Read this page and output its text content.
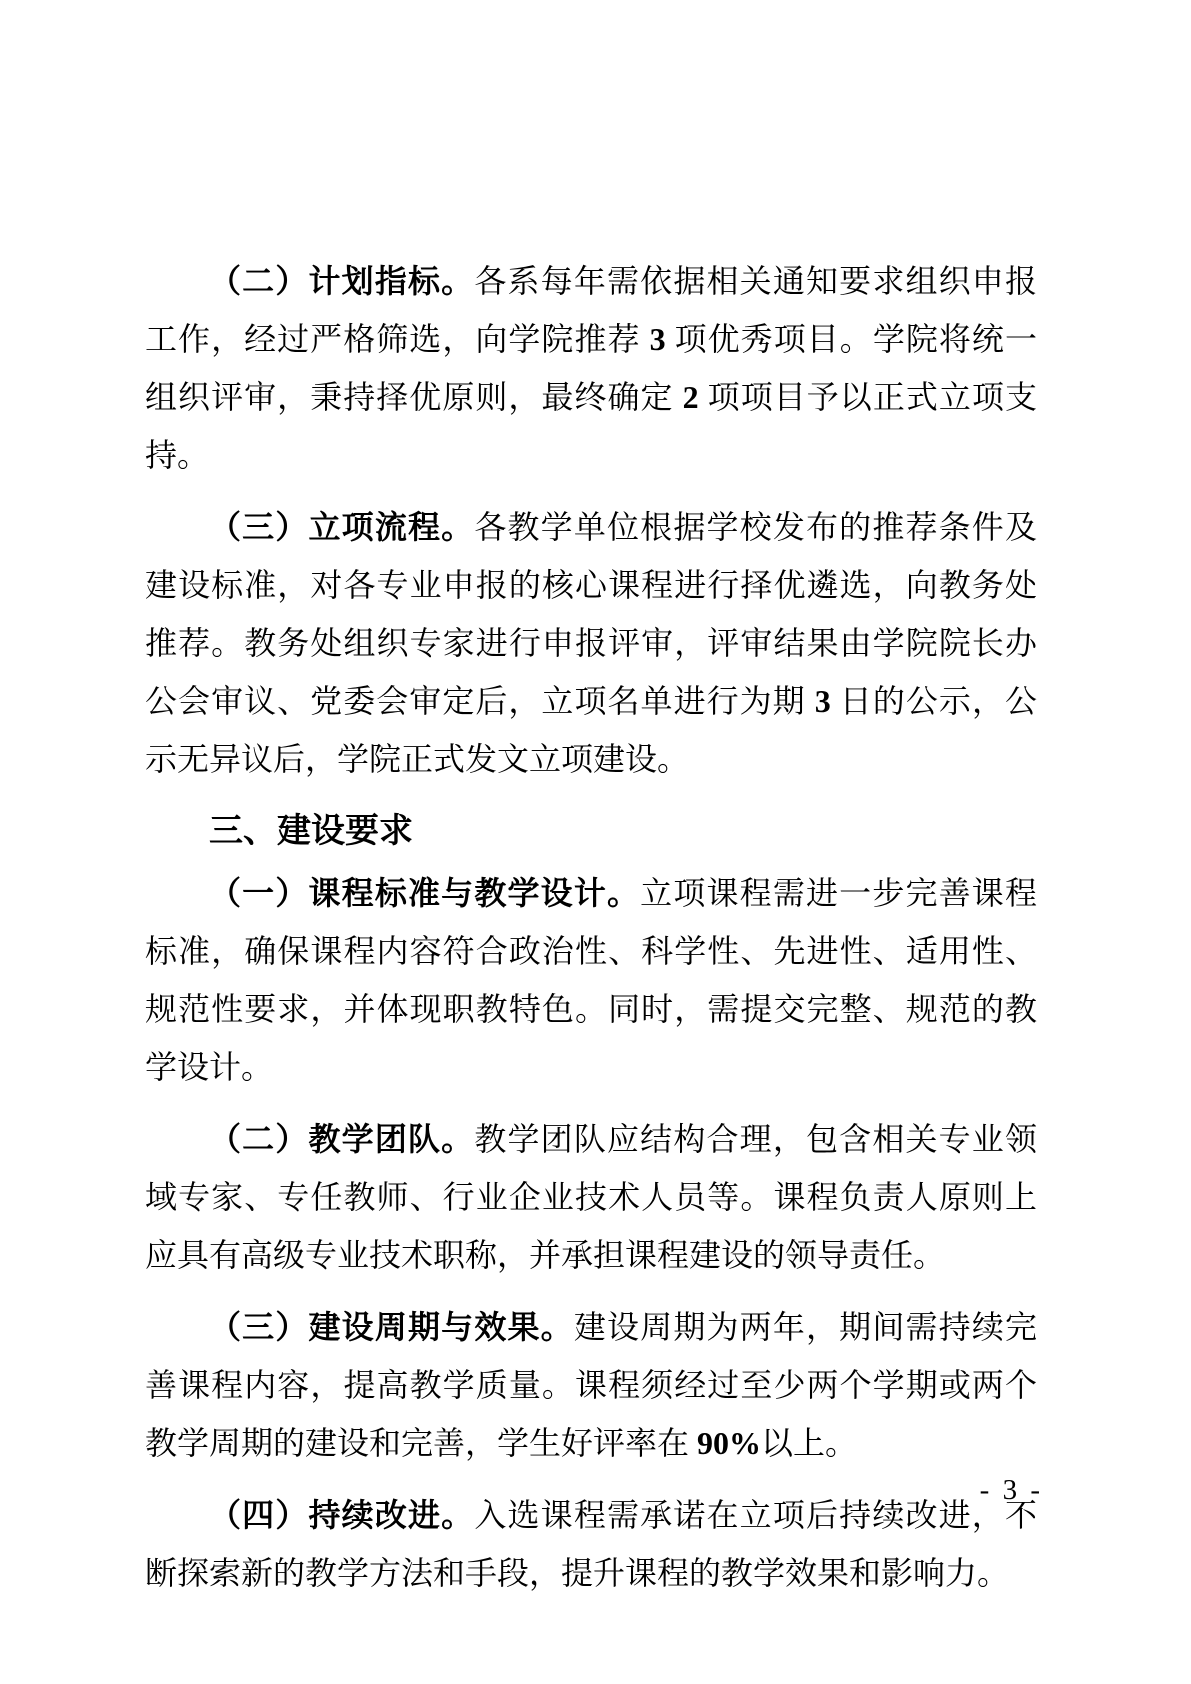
（二）计划指标。各系每年需依据相关通知要求组织申报工作，经过严格筛选，向学院推荐 3 项优秀项目。学院将统一组织评审，秉持择优原则，最终确定 2 项项目予以正式立项支持。

（三）立项流程。各教学单位根据学校发布的推荐条件及建设标准，对各专业申报的核心课程进行择优遴选，向教务处推荐。教务处组织专家进行申报评审，评审结果由学院院长办公会审议、党委会审定后，立项名单进行为期 3 日的公示，公示无异议后，学院正式发文立项建设。

三、建设要求

（一）课程标准与教学设计。立项课程需进一步完善课程标准，确保课程内容符合政治性、科学性、先进性、适用性、规范性要求，并体现职教特色。同时，需提交完整、规范的教学设计。

（二）教学团队。教学团队应结构合理，包含相关专业领域专家、专任教师、行业企业技术人员等。课程负责人原则上应具有高级专业技术职称，并承担课程建设的领导责任。

（三）建设周期与效果。建设周期为两年，期间需持续完善课程内容，提高教学质量。课程须经过至少两个学期或两个教学周期的建设和完善，学生好评率在 90%以上。

（四）持续改进。入选课程需承诺在立项后持续改进，不断探索新的教学方法和手段，提升课程的教学效果和影响力。

- 3 -
